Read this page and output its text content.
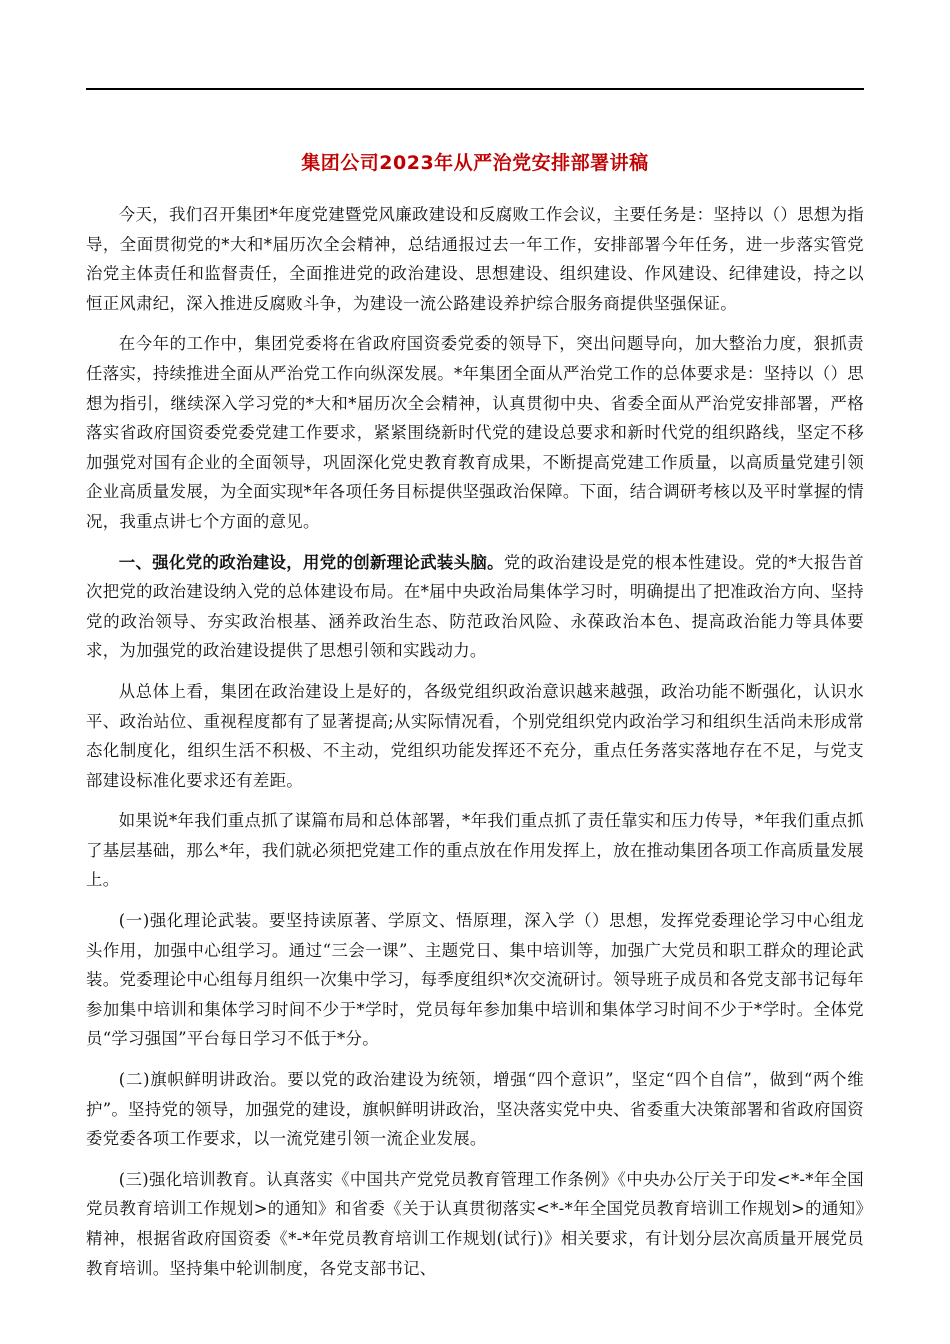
集团公司2023年从严治党安排部署讲稿

今天，我们召开集团*年度党建暨党风廉政建设和反腐败工作会议，主要任务是：坚持以（）思想为指导，全面贯彻党的*大和*届历次全会精神，总结通报过去一年工作，安排部署今年任务，进一步落实管党治党主体责任和监督责任，全面推进党的政治建设、思想建设、组织建设、作风建设、纪律建设，持之以恒正风肃纪，深入推进反腐败斗争，为建设一流公路建设养护综合服务商提供坚强保证。

在今年的工作中，集团党委将在省政府国资委党委的领导下，突出问题导向，加大整治力度，狠抓责任落实，持续推进全面从严治党工作向纵深发展。*年集团全面从严治党工作的总体要求是：坚持以（）思想为指引，继续深入学习党的*大和*届历次全会精神，认真贯彻中央、省委全面从严治党安排部署，严格落实省政府国资委党委党建工作要求，紧紧围绕新时代党的建设总要求和新时代党的组织路线，坚定不移加强党对国有企业的全面领导，巩固深化党史教育教育成果，不断提高党建工作质量，以高质量党建引领企业高质量发展，为全面实现*年各项任务目标提供坚强政治保障。下面，结合调研考核以及平时掌握的情况，我重点讲七个方面的意见。

一、强化党的政治建设，用党的创新理论武装头脑。党的政治建设是党的根本性建设。党的*大报告首次把党的政治建设纳入党的总体建设布局。在*届中央政治局集体学习时，明确提出了把准政治方向、坚持党的政治领导、夯实政治根基、涵养政治生态、防范政治风险、永葆政治本色、提高政治能力等具体要求，为加强党的政治建设提供了思想引领和实践动力。

从总体上看，集团在政治建设上是好的，各级党组织政治意识越来越强，政治功能不断强化，认识水平、政治站位、重视程度都有了显著提高;从实际情况看，个别党组织党内政治学习和组织生活尚未形成常态化制度化，组织生活不积极、不主动，党组织功能发挥还不充分，重点任务落实落地存在不足，与党支部建设标准化要求还有差距。

如果说*年我们重点抓了谋篇布局和总体部署，*年我们重点抓了责任靠实和压力传导，*年我们重点抓了基层基础，那么*年，我们就必须把党建工作的重点放在作用发挥上，放在推动集团各项工作高质量发展上。

(一)强化理论武装。要坚持读原著、学原文、悟原理，深入学（）思想，发挥党委理论学习中心组龙头作用，加强中心组学习。通过“三会一课”、主题党日、集中培训等，加强广大党员和职工群众的理论武装。党委理论中心组每月组织一次集中学习，每季度组织*次交流研讨。领导班子成员和各党支部书记每年参加集中培训和集体学习时间不少于*学时，党员每年参加集中培训和集体学习时间不少于*学时。全体党员“学习强国”平台每日学习不低于*分。

(二)旗帜鲜明讲政治。要以党的政治建设为统领，增强“四个意识”，坚定“四个自信”，做到“两个维护”。坚持党的领导，加强党的建设，旗帜鲜明讲政治，坚决落实党中央、省委重大决策部署和省政府国资委党委各项工作要求，以一流党建引领一流企业发展。

(三)强化培训教育。认真落实《中国共产党党员教育管理工作条例》《中央办公厅关于印发<*-*年全国党员教育培训工作规划>的通知》和省委《关于认真贯彻落实<*-*年全国党员教育培训工作规划>的通知》精神，根据省政府国资委《*-*年党员教育培训工作规划(试行)》相关要求，有计划分层次高质量开展党员教育培训。坚持集中轮训制度，各党支部书记、
